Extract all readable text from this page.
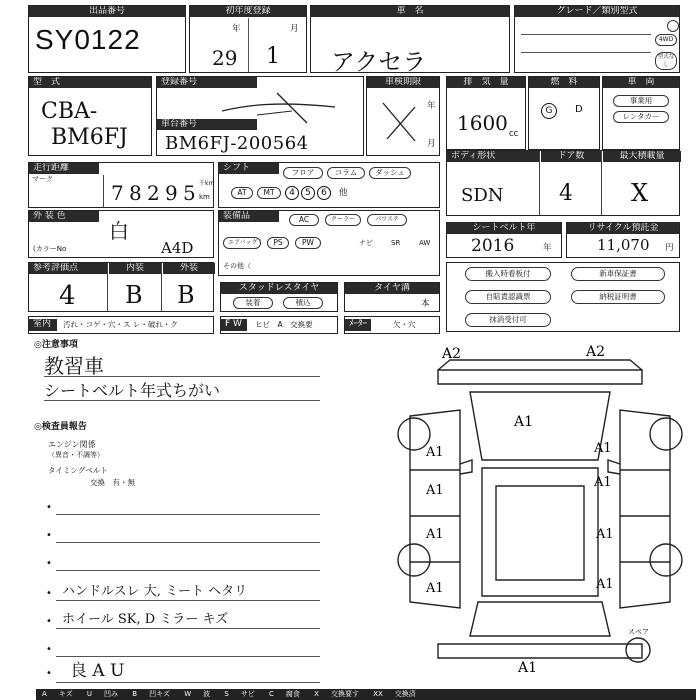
出品番号
SY0122
初年度登録
年	月
29 1
車　名
アクセラ
グレード／類別型式
4WD
型式なし
型　式
CBA-
BM6FJ
登録番号
車台番号
BM6FJ-200564
車検期限
年
月
排　気　量
1600 cc
燃　料
G	D
車　両
事業用
レンタカー
走行距離
マーク
7 8 2 9 5 千km
km
シフト	フロア	コラム	ダッシュ
AT	MT	4	5	6	他
ボディ形状	ドア数	最大積載量
SDN	4 X
外 装 色
白
(カラーNo	A4D
装備品	AC	クーラー	パワステ
エアバッグ	PS	PW	ナビ	SR	AW
その他（
シートベルト年
2016	年
リサイクル預託金
11,070 円
参考評価点	内装	外装
4 B B	スタッドレスタイヤ
装着	積込
タイヤ溝
本
搬入時看板付
自賠責認識票
抹消受付可
新車保証書
納税証明書
室内	汚れ・コゲ・穴・ス レ・破れ・ク	F W	ヒビ　A　交換要	ﾒｰﾀｰ	欠・穴
◎注意事項
教習車
シートベルト年式ちがい
◎検査員報告
エンジン関係
（異音・不調等）
タイミングベルト
交換　有・無
•
•
•
• ハンドルスレ 大, ミート ヘタリ
• ホイール SK, D ミラー キズ
•
• 良 A U
A2	A2
A1
A1
A1
A1
A1
A1
A1
A1
A1
A1
スペア
A キズ U 凹み B 凹キズ W 波 S サビ C 腐食 X 交換要す XX 交換済
